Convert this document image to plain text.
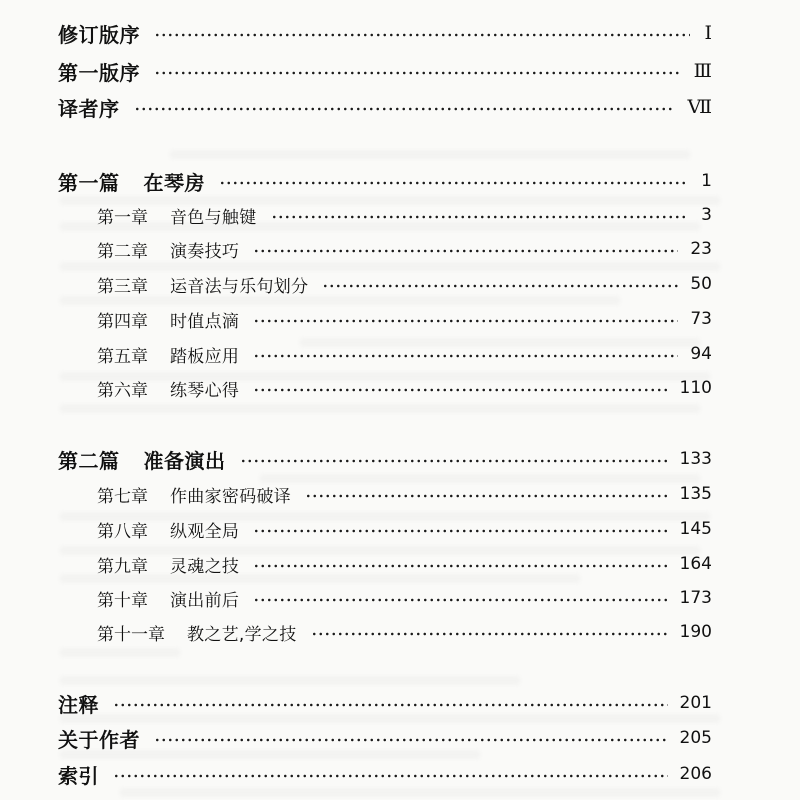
修订版序	Ⅰ
第一版序	Ⅲ
译者序	Ⅶ
第一篇 在琴房	1
第一章 音色与触键	3
第二章 演奏技巧	23
第三章 运音法与乐句划分	50
第四章 时值点滴	73
第五章 踏板应用	94
第六章 练琴心得	110
第二篇 准备演出	133
第七章 作曲家密码破译	135
第八章 纵观全局	145
第九章 灵魂之技	164
第十章 演出前后	173
第十一章 教之艺,学之技	190
注释	201
关于作者	205
索引	206
